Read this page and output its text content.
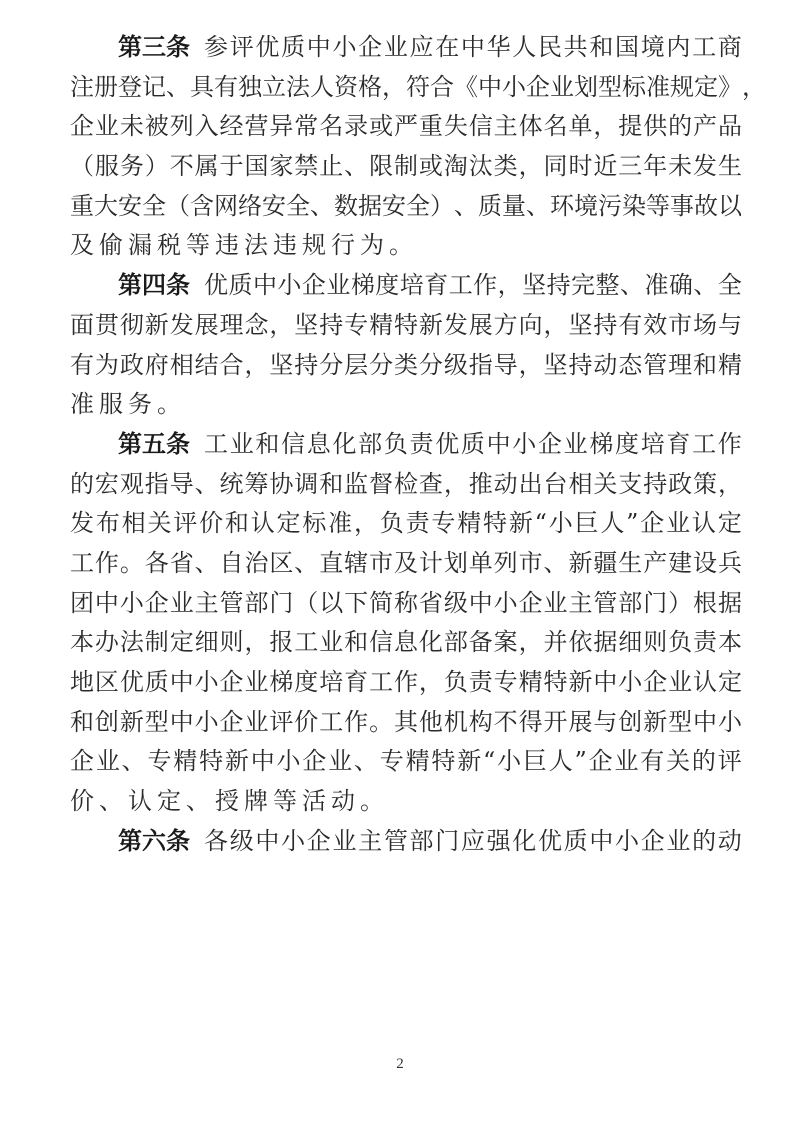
第三条 参 评 优 质 中 小 企 业 应 在 中 华 人 民 共 和 国 境 内 工 商
注 册 登 记 、 具 有 独 立 法 人 资 格 ， 符 合 《 中 小 企 业 划 型 标 准 规 定 》 ，
企 业 未 被 列 入 经 营 异 常 名 录 或 严 重 失 信 主 体 名 单 ， 提 供 的 产 品
（ 服 务 ） 不 属 于 国 家 禁 止 、 限 制 或 淘 汰 类 ， 同 时 近 三 年 未 发 生
重 大 安 全 （ 含 网 络 安 全 、 数 据 安 全 ） 、 质 量 、 环 境 污 染 等 事 故 以
及偷漏税等违法违规行为。
第四条 优 质 中 小 企 业 梯 度 培 育 工 作 ， 坚 持 完 整 、 准 确 、 全
面 贯 彻 新 发 展 理 念 ， 坚 持 专 精 特 新 发 展 方 向 ， 坚 持 有 效 市 场 与
有 为 政 府 相 结 合 ， 坚 持 分 层 分 类 分 级 指 导 ， 坚 持 动 态 管 理 和 精
准服务。
第五条 工 业 和 信 息 化 部 负 责 优 质 中 小 企 业 梯 度 培 育 工 作
的 宏 观 指 导 、 统 筹 协 调 和 监 督 检 查 ， 推 动 出 台 相 关 支 持 政 策 ，
发 布 相 关 评 价 和 认 定 标 准 ， 负 责 专 精 特 新 “ 小 巨 人 ” 企 业 认 定
工 作 。 各 省 、 自 治 区 、 直 辖 市 及 计 划 单 列 市 、 新 疆 生 产 建 设 兵
团 中 小 企 业 主 管 部 门 （ 以 下 简 称 省 级 中 小 企 业 主 管 部 门 ） 根 据
本 办 法 制 定 细 则 ， 报 工 业 和 信 息 化 部 备 案 ， 并 依 据 细 则 负 责 本
地 区 优 质 中 小 企 业 梯 度 培 育 工 作 ， 负 责 专 精 特 新 中 小 企 业 认 定
和 创 新 型 中 小 企 业 评 价 工 作 。 其 他 机 构 不 得 开 展 与 创 新 型 中 小
企 业 、 专 精 特 新 中 小 企 业 、 专 精 特 新 “ 小 巨 人 ” 企 业 有 关 的 评
价、认定、授牌等活动。
第六条 各 级 中 小 企 业 主 管 部 门 应 强 化 优 质 中 小 企 业 的 动
2
